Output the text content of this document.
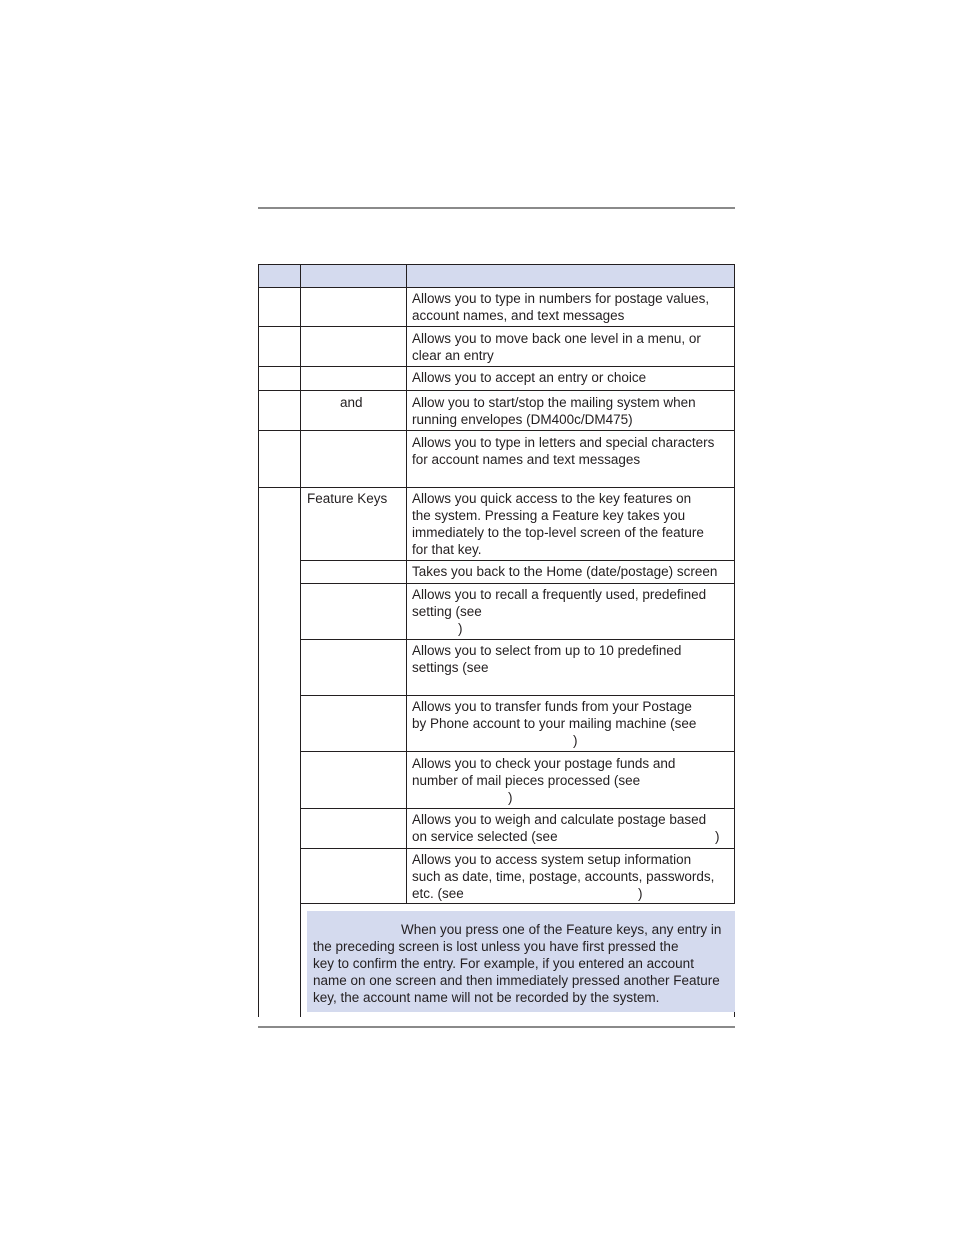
and
Feature Keys
Allows you to type in numbers for postage values,
account names, and text messages
Allows you to move back one level in a menu, or
clear an entry
Allows you to accept an entry or choice
Allow you to start/stop the mailing system when
running envelopes (DM400c/DM475)
Allows you to type in letters and special characters
for account names and text messages
Allows you quick access to the key features on
the system. Pressing a Feature key takes you
immediately to the top-level screen of the feature
for that key.
Takes you back to the Home (date/postage) screen
Allows you to recall a frequently used, predefined
setting (see
)
Allows you to select from up to 10 predefined
settings (see
Allows you to transfer funds from your Postage
by Phone account to your mailing machine (see
)
Allows you to check your postage funds and
number of mail pieces processed (see
)
Allows you to weigh and calculate postage based
on service selected (see	)
Allows you to access system setup information
such as date, time, postage, accounts, passwords,
etc. (see	)
When you press one of the Feature keys, any entry in
the preceding screen is lost unless you have first pressed the
key to confirm the entry. For example, if you entered an account
name on one screen and then immediately pressed another Feature
key, the account name will not be recorded by the system.
